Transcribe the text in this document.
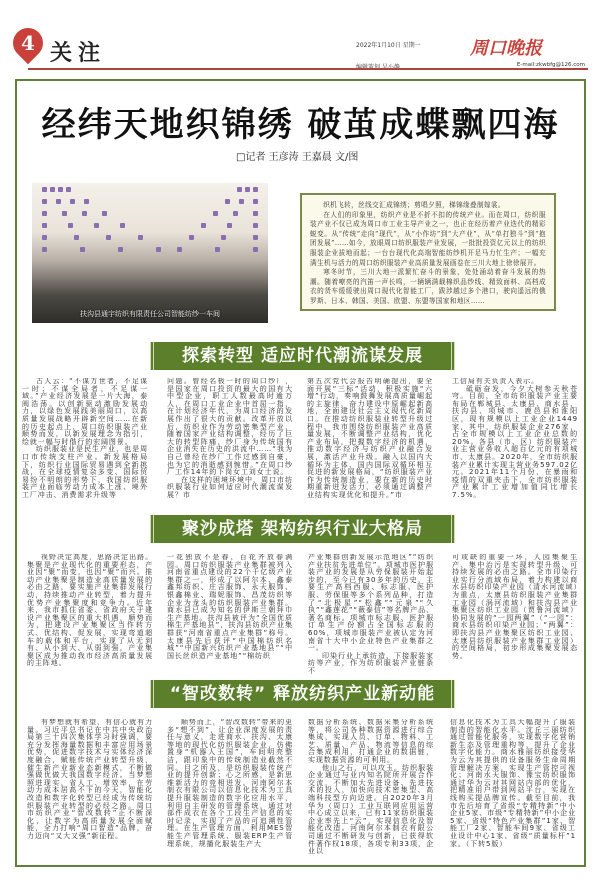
4 关注	2022年1月10日 星期一	周口晚报
E-mail:zkwbfg@126.com
经纬天地织锦绣 破茧成蝶飘四海
□记者 王彦涛 王嘉晨 文/图
扶沟县通宇纺织有限责任公司智能纺纱一车间

织机飞转，丝线交汇成锦绣；剪唱夕照，梯锦缘叠制嫁裳。

在人们的印象里，纺织产业是不折不扣的传统产业。而在周口，纺织服装产业不仅已成为周口市工业主导产业之一，也正在经历着产业迭代的精彩蜕变。从“传统”走向“现代”，从“小作坊”到“大产业”，从“单打独斗”到“抱团发展”……如今，放眼周口纺织服装产业发展，一批批投资亿元以上的纺织服装企业拔地而起；一台台现代化高端智能纺纱机开足马力忙生产；一幅充满生机与活力的周口纺织服装产业高质量发展画卷在三川大地上徐徐展开。

寒冬时节，三川大地一派繁忙奋斗的景象，处处涌动着奋斗发展的热潮。随着嘹亮的汽笛一声长鸣，一辆辆满载棉织品纱线、精致面料、高档成衣的货车缓缓驶出周口现代化智能工厂，跋涉越过多个港口，驶向遥远的俄罗斯、日本、韩国、美国、欧盟、东盟等国家和地区……

探索转型 适应时代潮流谋发展

古人云：“不谋万世者，不足谋一时；不谋全局者，不足谋一域。”产业经济发展是一片大海，泰阀浩荡。以创新驱动激励发展动力，以绿色发展践美丽周口，以高质量发展战略开辟新空间……在新的历史起点上，周口纺织服装产业顺势而发，以新发展理念为指引，绘就一幅与时偕行的宏阔图景。

纺织服装业是民生产业，也是周口市传统支柱产业。新发展格局下，纺织行业国际贸易遇到全新挑战，在全球疫情复杂多变、国际贸易纷不明朗的形势下，我国纺织服装产业面临劳动力成本上涨、境外工厂冲击、消费需求升级等

问题。曾经名极一时的周口纱厂，是国家在周口投资的最大的国有大中型企业，职工人数最高时逾万人，在周口工业企业中首屈一指，在计划经济年代，为周口经济的发展作出了很大的贡献。改革开放以后，纺织业作为劳动密集型产业，随着国家产业结构调整，经历了巨大的转型阵痛，纱厂身为传统国有企业消失在历史的洪流中……“我为自己曾经在纱厂工作过感到自豪，也为它的消逝感到惋惜。”在周口纱厂工作14年的下岗女工刘女士说。

在这样的困境环境中，周口市纺织服装行业如何适应时代潮流谋发展？市

第五次党代会报告明确提出，要全面开展“三标”活动，积极实施“六增”行动，奏响鼓舞发展高质量崛起的主旋律，奋力建设中原崛起新高地，全面建设社会主义现代化新周口。在推动纺织服装业转型升级过程中，我市围绕纺织服装产业高质量发展，不断调整产业结构，优化产业布局，把握数字经济的机遇，推动数字经济与纺织产业融合发展，激活产业升级。融入以国内大循环为主体、国内国际双循环相互促进的新发展格局，“纺织服装产业作为传统制造业，要在新的历史时期重新迸发活力，必须通过调整产业结构实现优化和提升。”市

工信局有关负责人表示。

砥砺奋发，今夕大树参天秋苍穹。目前，全市纺织服装产业主要布局在郸城县、太康县、商水县、扶沟县、项城市、鹿邑县和淮阳区，现有规模以上工业企业1449家，其中，纺织服装企业276家，占全市规模以上工业企业总数的20%。各县（市、区）纺织服装产业主营业务收入超百亿元的有项城市、太康县。2020年，全市纺织服装产业累计实现主营业务597.02亿元。2021年11个月份，在暴雨和疫情的双重夹击下，全市纺织服装产业累计工业增加值同比增长7.5%。

聚沙成塔 架构纺织行业大格局

视野决定高度，思路决定出路。集聚是产业现代化的重要形态，产业因“聚”而变，也因“聚”而兴。推动产业集聚是制造业高质量发展的必由之路，要实施产业集群发展行动，持续推动产业转型，着力提升优势产业集聚度和竞争力。近年来，我市抓住省委、省政府关于建设产业集聚区的重大机遇，顺势而为，把建设产业集聚区当作转方式、优结构、促发展，实现弯道超车的载体和平台，实现了从无到有、从小到大、从弱到强，产业集聚区成为推动我市经济高质量发展的主阵地。

一花独放不是春，百花齐放春满园。周口纺织服装产业集群被列入河南省重点建设的22个千亿级产业集群之一，形成了以阿尔本、鑫泰鑫邦纺织、庄吉服饰、永天服饰、银鑫棉业、瑞妮服饰、昌茂纺织等企业为龙头的纺织服装产业集群。商水县已成为知名的伊斯兰朝拜巾生产基地。扶沟县被评为“全国优质棉生产基地县”，扶沟县纺织产业集群获“河南省重点产业集群”称号。太康县先后获评“中国棉纺织名城”“中国新兴纺织产业基地县”“中国长丝织造产业基地”“棉纺织

产业集群创新发展示范地区”“纺织产业扶贫先进单位”。项城市医护服装产业的发展是从劳保服装开始起步的，至今已有30多年的历史，主要生产高档西服、标志服、医护服、劳保服等多个系列品种，打造了“北极星”“松鑫”“元泉”“久执”“鑫莲花”“薇泰信”等名牌产品、著名商标。项城市标志服、医护服订单生产份额占全国标志服的60%，项城市服装产业被认定为河南省十大中小企业特色产业集群之一。

印染行业上承纺造、下接服装家纺等产业，作为纺织服装产业链条不

可或缺的重要一环，人园集聚生产、集中治污是实现转型升级、可持续发展的必由之路。全市印染行业实行分流域布局，着力构建以商水县纺织印染产业园（清水河流域）为重点，太康县纺织服装产业集群工业园（涡河流域）和扶沟县产业集聚区纺织工业园（贾鲁河流域）协同发展的“一园两翼”（“一园”：商水县纺织印染产业园；“两翼”：即扶沟县产业集聚区纺织工业园、太康县纺织服装产业集群工业园）的空间格局，初步形成集聚发展态势。

“智改数转” 释放纺织产业新动能

有梦想就有希望，有信心就有力量。习近平总书记在中共中央政治局第三十四次集体学习时强调，要充分发挥海量数据和丰富应用场景优势，促进数字技术与实体经济深度融合，赋能传统产业转型升级，催生新产业新业态新模式，不断做强做优做大我国数字经济。当梦想照进现实，省人工、增效率，在劳动力成本居高不下的今天，智能化改造和数字化转型已经成为传统纺织服装产业转型的必经之路。周口市纺织产业“智改数转”正不断深化，让数字为高质量发展全面赋能，全力打响“周口智造”品牌，奋力迈向“又大又强”新征程。

顺势而上，“智改数转”带来的更多“想不到”，让企业深度发展的责任与意义，走进商水、扶沟、太康等地的现代化纺织服装企业，仿佛置身“机器人王国”，车间明亮整洁，跟印象中的传统制造业截然不同。目之所及，是纺织服装传统产业的提升创新；心之所感，是新思维新活力的竞相迸发。河南阿尔本制衣有限公司以信息化技术为工具提升服装制造的数字化应用水平，利用自主研发的管理系统，通过对部件成衣在各个工段生产信息的实时记录，实现了产品的可追溯性管理。在生产管理方面，利用MES智能生产管理系统、服装ERP生产管理系统，规播化服装生产大

数据分析系统、数据采集分析系统等，将公司各种数据资源进行综合集成，实现人员、订单、物料、工艺、质量、产品、物流等信息的综合集成利用，打通企业的数据链，实现数据资源的可利用。

他山之石，可以攻玉。纺织服装企业通过与业内知名院所开展合作交流，不断加大先进设备、先进技术的投入，加快向技术密集型、高端科技型方向迈进。自2020年3月华为（周口）工业互联网应用运营中心成立以来，已有11家纺织服装企业率先上“云”，实现信息化及智能化改造。河南阿尔本制衣有限公司通过不断研发与创新，已获得软件著作权18项，各项专利33项，企业以

信息化技术为工具大幅提升了服装制造的智能化水平。沈丘三丽纺织通过智能化服务，实现数字化营销新生态及管理重构等，提升了企业数字化能力。商水雅丽纺织接受华为云为其提供的设备服务生命周期管理解决方案，实现生产管控可视化；河南水天服饰、豫宝纺织服饰通过华为云对其网站内部的优化，把精准用户带到网站平台，实现在线购买提品牌宣传。截至目前，我市先后培育了省级“专精特新”中小企业5家、市级“专精特新”中小企业5家、省级“特色产业集群”1家、智能工厂2家、智能车间9家、省级工业设计中心1家、省级“质量标杆”1家。（下转5版）
